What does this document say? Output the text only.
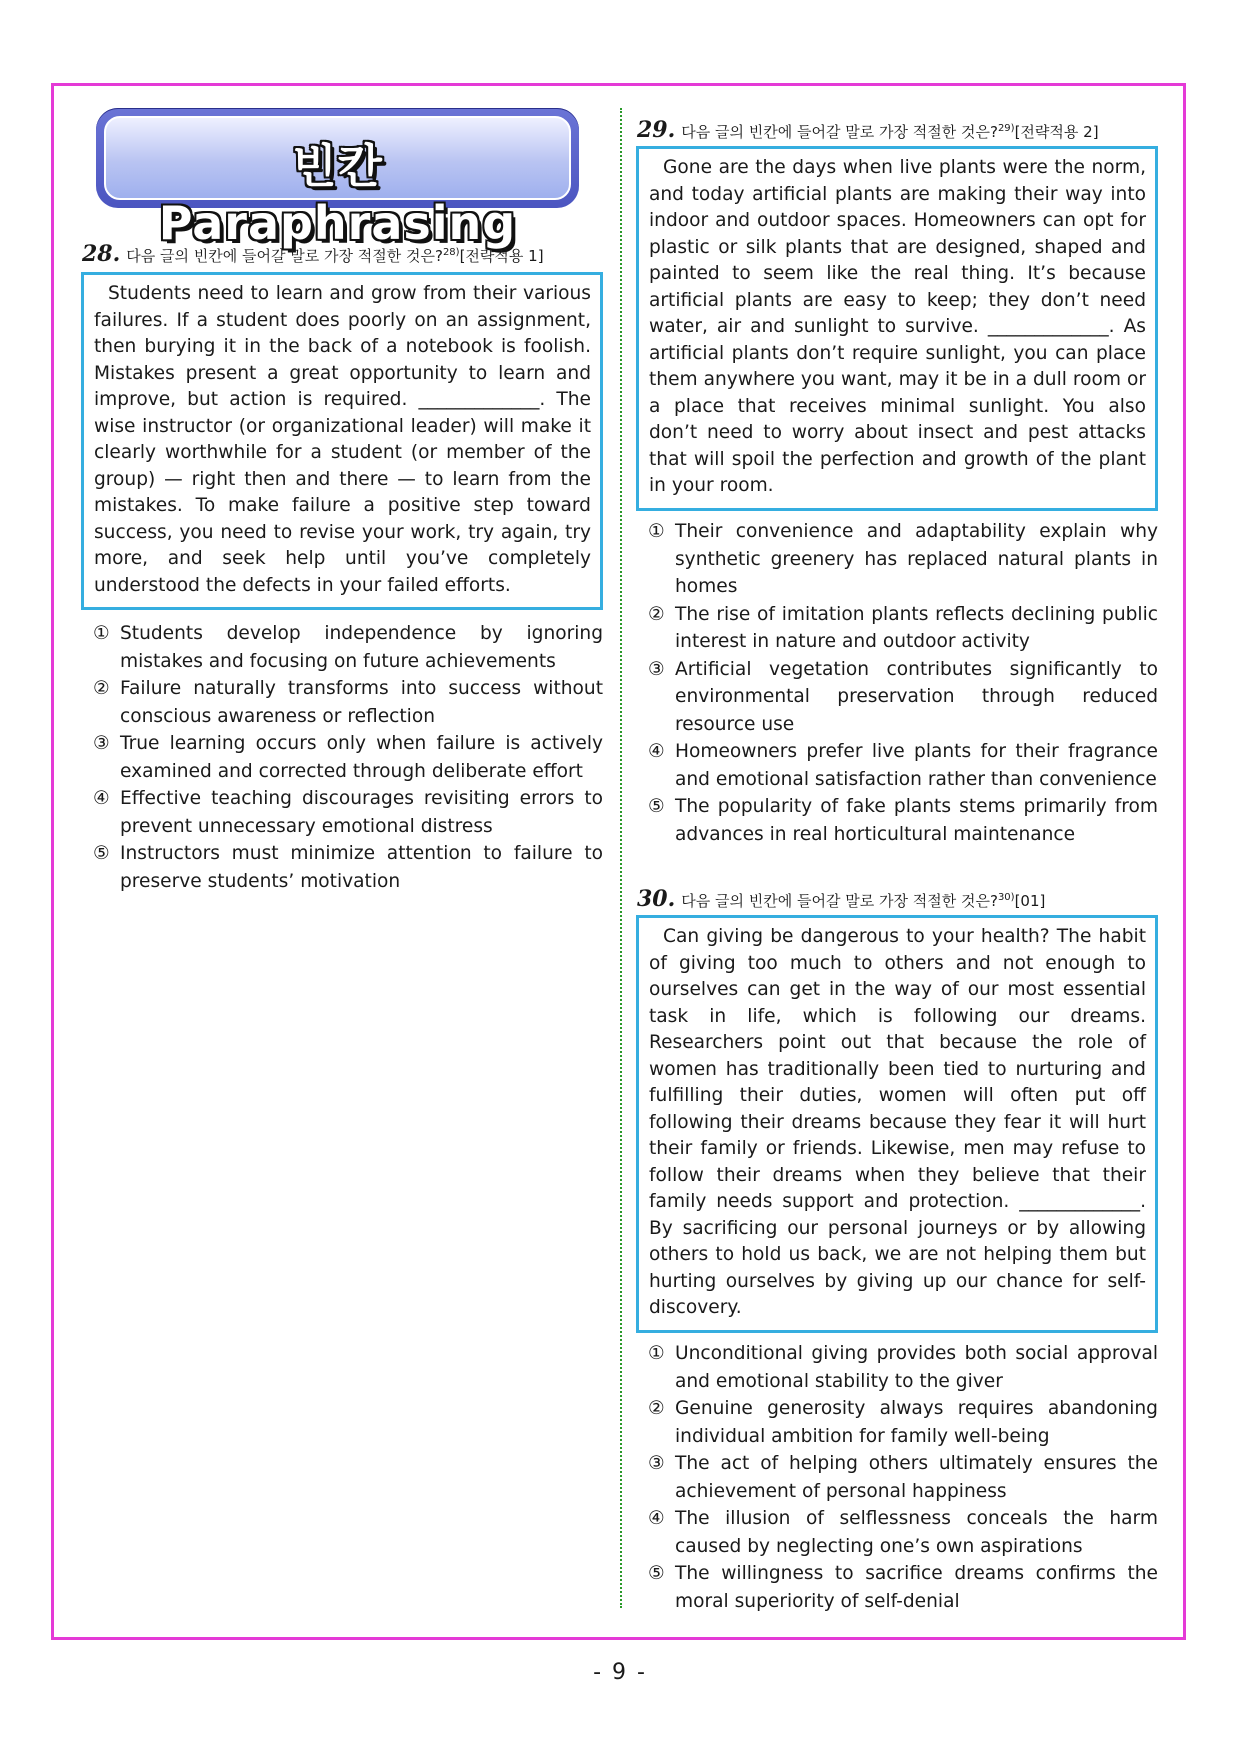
빈칸 Paraphrasing
28. 다음 글의 빈칸에 들어갈 말로 가장 적절한 것은?$^{28)}$[전략적용 1]

Students need to learn and grow from their various failures. If a student does poorly on an assignment, then burying it in the back of a notebook is foolish. Mistakes present a great opportunity to learn and improve, but action is required. _____________. The wise instructor (or organizational leader) will make it clearly worthwhile for a student (or member of the group) — right then and there — to learn from the mistakes. To make failure a positive step toward success, you need to revise your work, try again, try more, and seek help until you’ve completely understood the defects in your failed efforts.

① Students develop independence by ignoring mistakes and focusing on future achievements
② Failure naturally transforms into success without conscious awareness or reflection
③ True learning occurs only when failure is actively examined and corrected through deliberate effort
④ Effective teaching discourages revisiting errors to prevent unnecessary emotional distress
⑤ Instructors must minimize attention to failure to preserve students’ motivation
29. 다음 글의 빈칸에 들어갈 말로 가장 적절한 것은?$^{29)}$[전략적용 2]

Gone are the days when live plants were the norm, and today artificial plants are making their way into indoor and outdoor spaces. Homeowners can opt for plastic or silk plants that are designed, shaped and painted to seem like the real thing. It’s because artificial plants are easy to keep; they don’t need water, air and sunlight to survive. _____________. As artificial plants don’t require sunlight, you can place them anywhere you want, may it be in a dull room or a place that receives minimal sunlight. You also don’t need to worry about insect and pest attacks that will spoil the perfection and growth of the plant in your room.

① Their convenience and adaptability explain why synthetic greenery has replaced natural plants in homes
② The rise of imitation plants reflects declining public interest in nature and outdoor activity
③ Artificial vegetation contributes significantly to environmental preservation through reduced resource use
④ Homeowners prefer live plants for their fragrance and emotional satisfaction rather than convenience
⑤ The popularity of fake plants stems primarily from advances in real horticultural maintenance
30. 다음 글의 빈칸에 들어갈 말로 가장 적절한 것은?$^{30)}$[01]

Can giving be dangerous to your health? The habit of giving too much to others and not enough to ourselves can get in the way of our most essential task in life, which is following our dreams. Researchers point out that because the role of women has traditionally been tied to nurturing and fulfilling their duties, women will often put off following their dreams because they fear it will hurt their family or friends. Likewise, men may refuse to follow their dreams when they believe that their family needs support and protection. _____________. By sacrificing our personal journeys or by allowing others to hold us back, we are not helping them but hurting ourselves by giving up our chance for self-discovery.

① Unconditional giving provides both social approval and emotional stability to the giver
② Genuine generosity always requires abandoning individual ambition for family well-being
③ The act of helping others ultimately ensures the achievement of personal happiness
④ The illusion of selflessness conceals the harm caused by neglecting one’s own aspirations
⑤ The willingness to sacrifice dreams confirms the moral superiority of self-denial
- 9 -
